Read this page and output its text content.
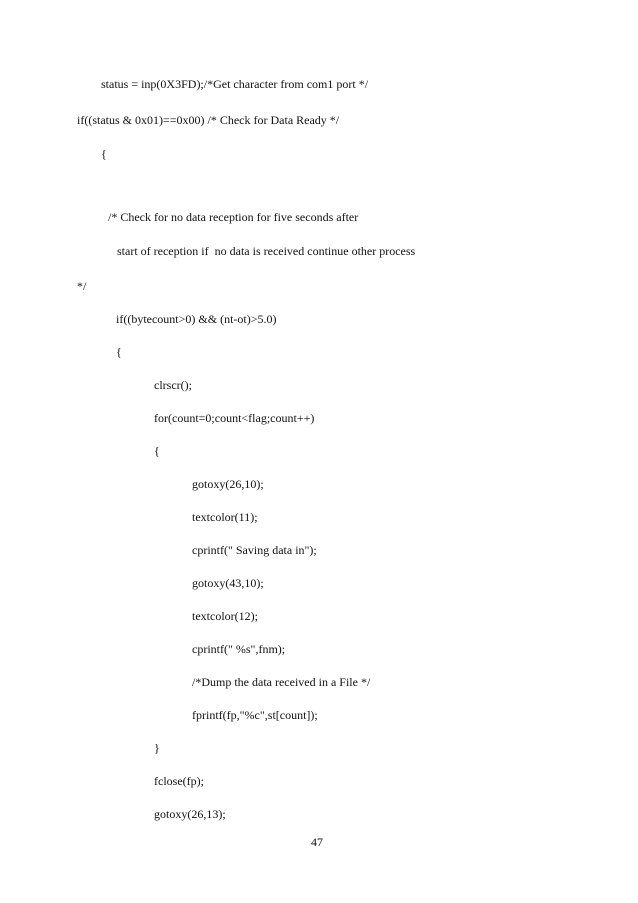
status = inp(0X3FD);/*Get character from com1 port */
if((status & 0x01)==0x00) /* Check for Data Ready */
{
/* Check for no data reception for five seconds after
start of reception if  no data is received continue other process
*/
if((bytecount>0) && (nt-ot)>5.0)
{
clrscr();
for(count=0;count<flag;count++)
{
gotoxy(26,10);
textcolor(11);
cprintf(" Saving data in");
gotoxy(43,10);
textcolor(12);
cprintf(" %s",fnm);
/*Dump the data received in a File */
fprintf(fp,"%c",st[count]);
}
fclose(fp);
gotoxy(26,13);
47
